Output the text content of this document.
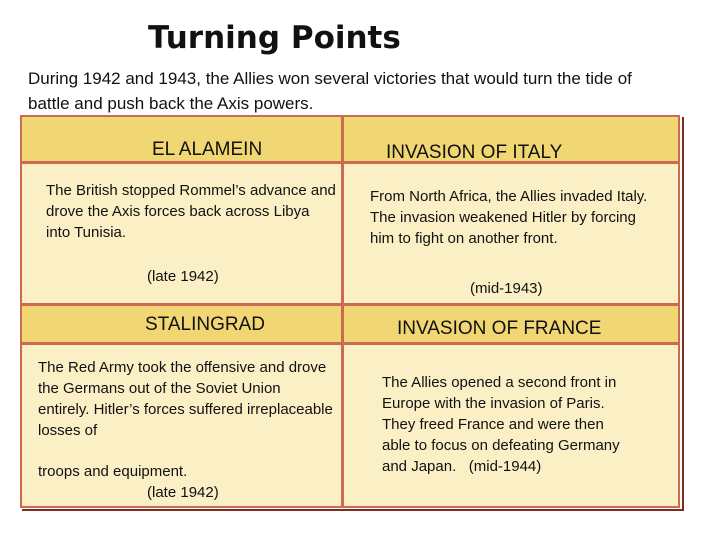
Turning Points
During 1942 and 1943, the Allies won several victories that would turn the tide of battle and push back the Axis powers.
EL ALAMEIN
The British stopped Rommel’s advance and drove the Axis forces back across Libya into Tunisia.
(late 1942)
INVASION OF ITALY
From North Africa, the Allies invaded Italy. The invasion weakened Hitler by forcing him to fight on another front.
(mid-1943)
STALINGRAD
The Red Army took the offensive and drove the Germans out of the Soviet Union entirely. Hitler’s forces suffered irreplaceable losses of
troops and equipment.
(late 1942)
INVASION OF FRANCE
The Allies opened a second front in Europe with the invasion of Paris. They freed France and were then able to focus on defeating Germany and Japan. (mid-1944)
